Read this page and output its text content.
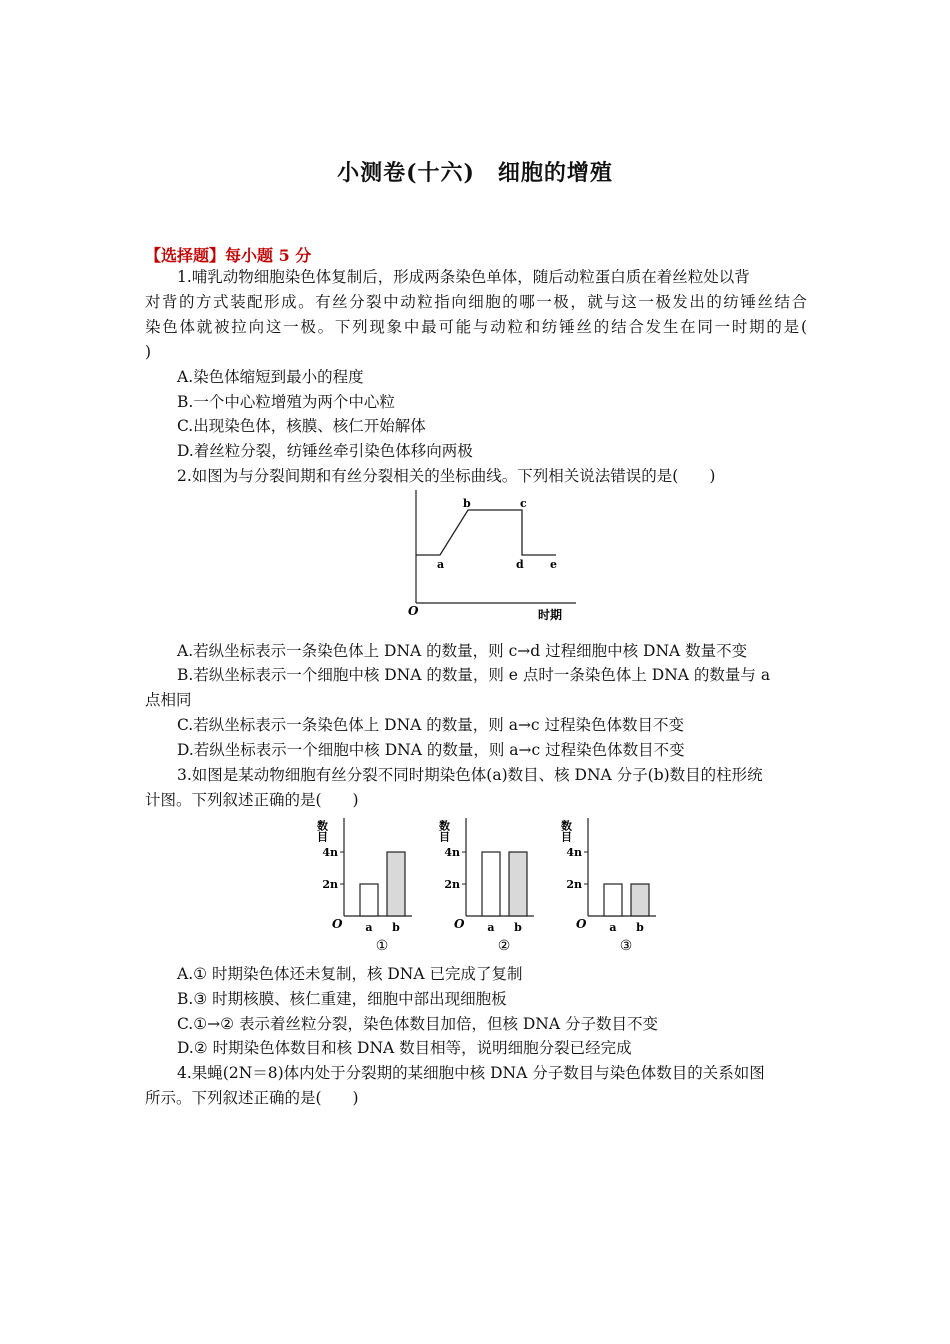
小测卷(十六)　细胞的增殖
【选择题】每小题 5 分
1.哺乳动物细胞染色体复制后，形成两条染色单体，随后动粒蛋白质在着丝粒处以背
对背的方式装配形成。有丝分裂中动粒指向细胞的哪一极，就与这一极发出的纺锤丝结合
染色体就被拉向这一极。下列现象中最可能与动粒和纺锤丝的结合发生在同一时期的是(
)
A.染色体缩短到最小的程度
B.一个中心粒增殖为两个中心粒
C.出现染色体，核膜、核仁开始解体
D.着丝粒分裂，纺锤丝牵引染色体移向两极
2.如图为与分裂间期和有丝分裂相关的坐标曲线。下列相关说法错误的是(　　)
O	时期
a
b	c
d e
A.若纵坐标表示一条染色体上 DNA 的数量，则 c→d 过程细胞中核 DNA 数量不变
B.若纵坐标表示一个细胞中核 DNA 的数量，则 e 点时一条染色体上 DNA 的数量与 a
点相同
C.若纵坐标表示一条染色体上 DNA 的数量，则 a→c 过程染色体数目不变
D.若纵坐标表示一个细胞中核 DNA 的数量，则 a→c 过程染色体数目不变
3.如图是某动物细胞有丝分裂不同时期染色体(a)数目、核 DNA 分子(b)数目的柱形统
计图。下列叙述正确的是(　　)
数目
2n
4n
a b
O
①
数目
2n
4n
a b
O
②
数目
2n
4n
a b
O
③
A.① 时期染色体还未复制，核 DNA 已完成了复制
B.③ 时期核膜、核仁重建，细胞中部出现细胞板
C.①→② 表示着丝粒分裂，染色体数目加倍，但核 DNA 分子数目不变
D.② 时期染色体数目和核 DNA 数目相等，说明细胞分裂已经完成
4.果蝇(2N＝8)体内处于分裂期的某细胞中核 DNA 分子数目与染色体数目的关系如图
所示。下列叙述正确的是(　　)
